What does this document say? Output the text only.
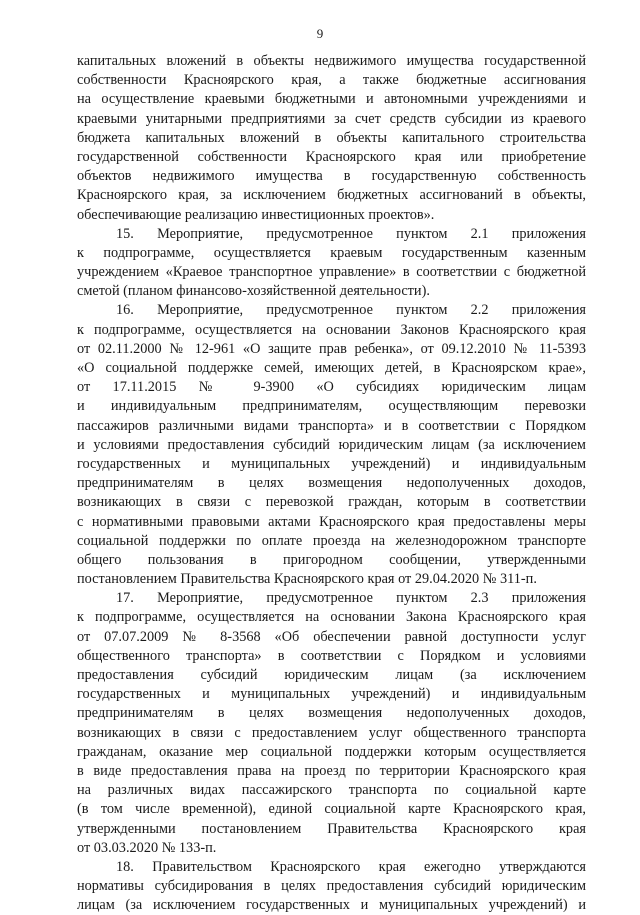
9
капитальных вложений в объекты недвижимого имущества государственной
собственности Красноярского края, а также бюджетные ассигнования
на осуществление краевыми бюджетными и автономными учреждениями и
краевыми унитарными предприятиями за счет средств субсидии из краевого
бюджета капитальных вложений в объекты капитального строительства
государственной собственности Красноярского края или приобретение
объектов недвижимого имущества в государственную собственность
Красноярского края, за исключением бюджетных ассигнований в объекты,
обеспечивающие реализацию инвестиционных проектов».
15. Мероприятие, предусмотренное пунктом 2.1 приложения
к подпрограмме, осуществляется краевым государственным казенным
учреждением «Краевое транспортное управление» в соответствии с бюджетной
сметой (планом финансово-хозяйственной деятельности).
16. Мероприятие, предусмотренное пунктом 2.2 приложения
к подпрограмме, осуществляется на основании Законов Красноярского края
от 02.11.2000 № 12-961 «О защите прав ребенка», от 09.12.2010 № 11-5393
«О социальной поддержке семей, имеющих детей, в Красноярском крае»,
от 17.11.2015 № 9-3900 «О субсидиях юридическим лицам
и индивидуальным предпринимателям, осуществляющим перевозки
пассажиров различными видами транспорта» и в соответствии с Порядком
и условиями предоставления субсидий юридическим лицам (за исключением
государственных и муниципальных учреждений) и индивидуальным
предпринимателям в целях возмещения недополученных доходов,
возникающих в связи с перевозкой граждан, которым в соответствии
с нормативными правовыми актами Красноярского края предоставлены меры
социальной поддержки по оплате проезда на железнодорожном транспорте
общего пользования в пригородном сообщении, утвержденными
постановлением Правительства Красноярского края от 29.04.2020 № 311-п.
17. Мероприятие, предусмотренное пунктом 2.3 приложения
к подпрограмме, осуществляется на основании Закона Красноярского края
от 07.07.2009 № 8-3568 «Об обеспечении равной доступности услуг
общественного транспорта» в соответствии с Порядком и условиями
предоставления субсидий юридическим лицам (за исключением
государственных и муниципальных учреждений) и индивидуальным
предпринимателям в целях возмещения недополученных доходов,
возникающих в связи с предоставлением услуг общественного транспорта
гражданам, оказание мер социальной поддержки которым осуществляется
в виде предоставления права на проезд по территории Красноярского края
на различных видах пассажирского транспорта по социальной карте
(в том числе временной), единой социальной карте Красноярского края,
утвержденными постановлением Правительства Красноярского края
от 03.03.2020 № 133-п.
18. Правительством Красноярского края ежегодно утверждаются
нормативы субсидирования в целях предоставления субсидий юридическим
лицам (за исключением государственных и муниципальных учреждений) и
